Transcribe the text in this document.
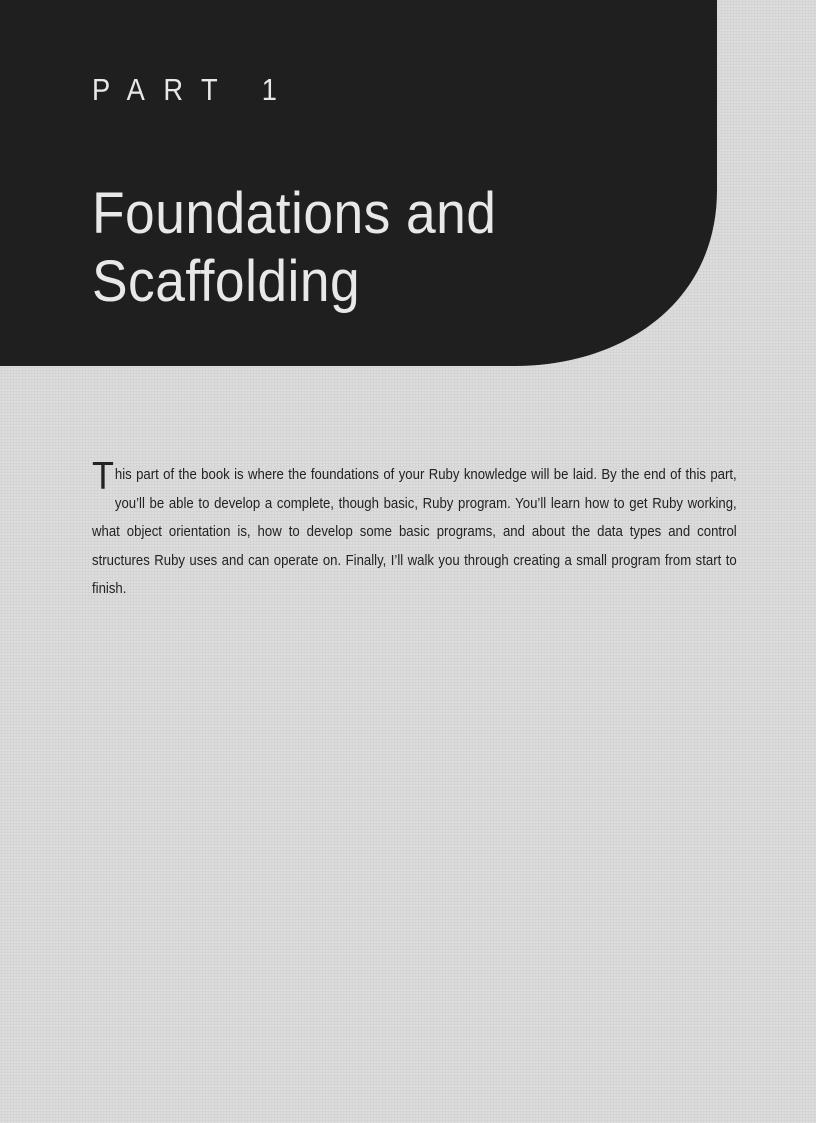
PART 1
Foundations and
Scaffolding
This part of the book is where the foundations of your Ruby knowledge will be laid. By the end of this part, you’ll be able to develop a complete, though basic, Ruby program. You’ll learn how to get Ruby working, what object orientation is, how to develop some basic programs, and about the data types and control structures Ruby uses and can operate on. Finally, I’ll walk you through creating a small program from start to finish.
